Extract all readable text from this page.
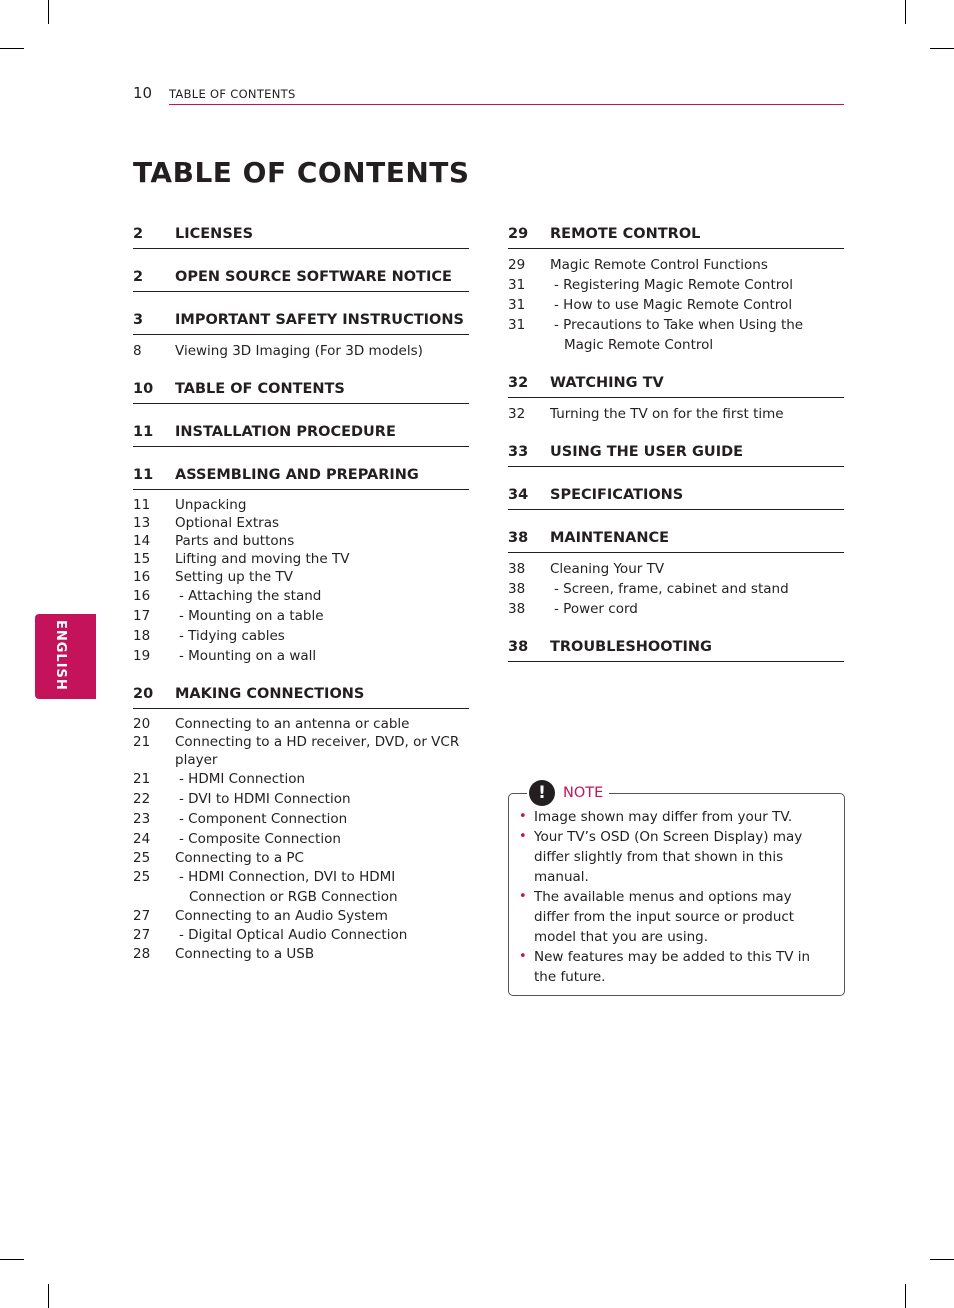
10 TABLE OF CONTENTS
TABLE OF CONTENTS
ENGLISH
2 LICENSES
2 OPEN SOURCE SOFTWARE NOTICE
3 IMPORTANT SAFETY INSTRUCTIONS
8 Viewing 3D Imaging (For 3D models)
10 TABLE OF CONTENTS
11 INSTALLATION PROCEDURE
11 ASSEMBLING AND PREPARING
11 Unpacking
13 Optional Extras
14 Parts and buttons
15 Lifting and moving the TV
16 Setting up the TV
16 - Attaching the stand
17 - Mounting on a table
18 - Tidying cables
19 - Mounting on a wall
20 MAKING CONNECTIONS
20 Connecting to an antenna or cable
21 Connecting to a HD receiver, DVD, or VCR player
21 - HDMI Connection
22 - DVI to HDMI Connection
23 - Component Connection
24 - Composite Connection
25 Connecting to a PC
25 - HDMI Connection, DVI to HDMI Connection or RGB Connection
27 Connecting to an Audio System
27 - Digital Optical Audio Connection
28 Connecting to a USB
29 REMOTE CONTROL
29 Magic Remote Control Functions
31 - Registering Magic Remote Control
31 - How to use Magic Remote Control
31 - Precautions to Take when Using the Magic Remote Control
32 WATCHING TV
32 Turning the TV on for the first time
33 USING THE USER GUIDE
34 SPECIFICATIONS
38 MAINTENANCE
38 Cleaning Your TV
38 - Screen, frame, cabinet and stand
38 - Power cord
38 TROUBLESHOOTING
!	NOTE
• Image shown may differ from your TV.
• Your TV’s OSD (On Screen Display) may differ slightly from that shown in this manual.
• The available menus and options may differ from the input source or product model that you are using.
• New features may be added to this TV in the future.
